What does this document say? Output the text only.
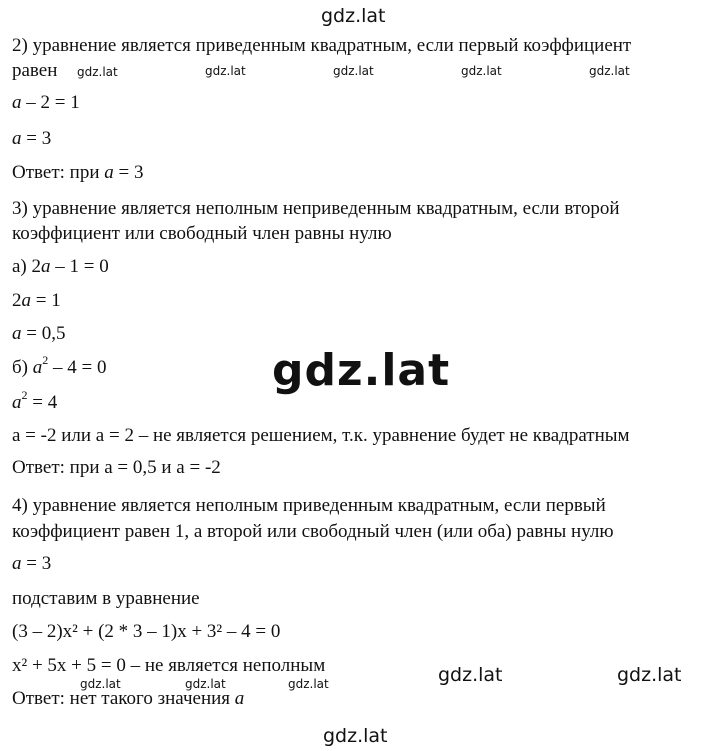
gdz.lat
gdz.lat	gdz.lat	gdz.lat	gdz.lat	gdz.lat
gdz.lat
gdz.lat	gdz.lat	gdz.lat	gdz.lat	gdz.lat
gdz.lat
2) уравнение является приведенным квадратным, если первый коэффициент
равен
a – 2 = 1
a = 3
Ответ: при a = 3
3) уравнение является неполным неприведенным квадратным, если второй
коэффициент или свободный член равны нулю
а) 2a – 1 = 0
2a = 1
a = 0,5
б) $a^2 - 4 = 0$
$a^2 = 4$
a = -2 или a = 2 – не является решением, т.к. уравнение будет не квадратным
Ответ: при a = 0,5 и a = -2
4) уравнение является неполным приведенным квадратным, если первый
коэффициент равен 1, а второй или свободный член (или оба) равны нулю
a = 3
подставим в уравнение
(3 – 2)x² + (2 * 3 – 1)x + 3² – 4 = 0
x² + 5x + 5 = 0 – не является неполным
Ответ: нет такого значения a
